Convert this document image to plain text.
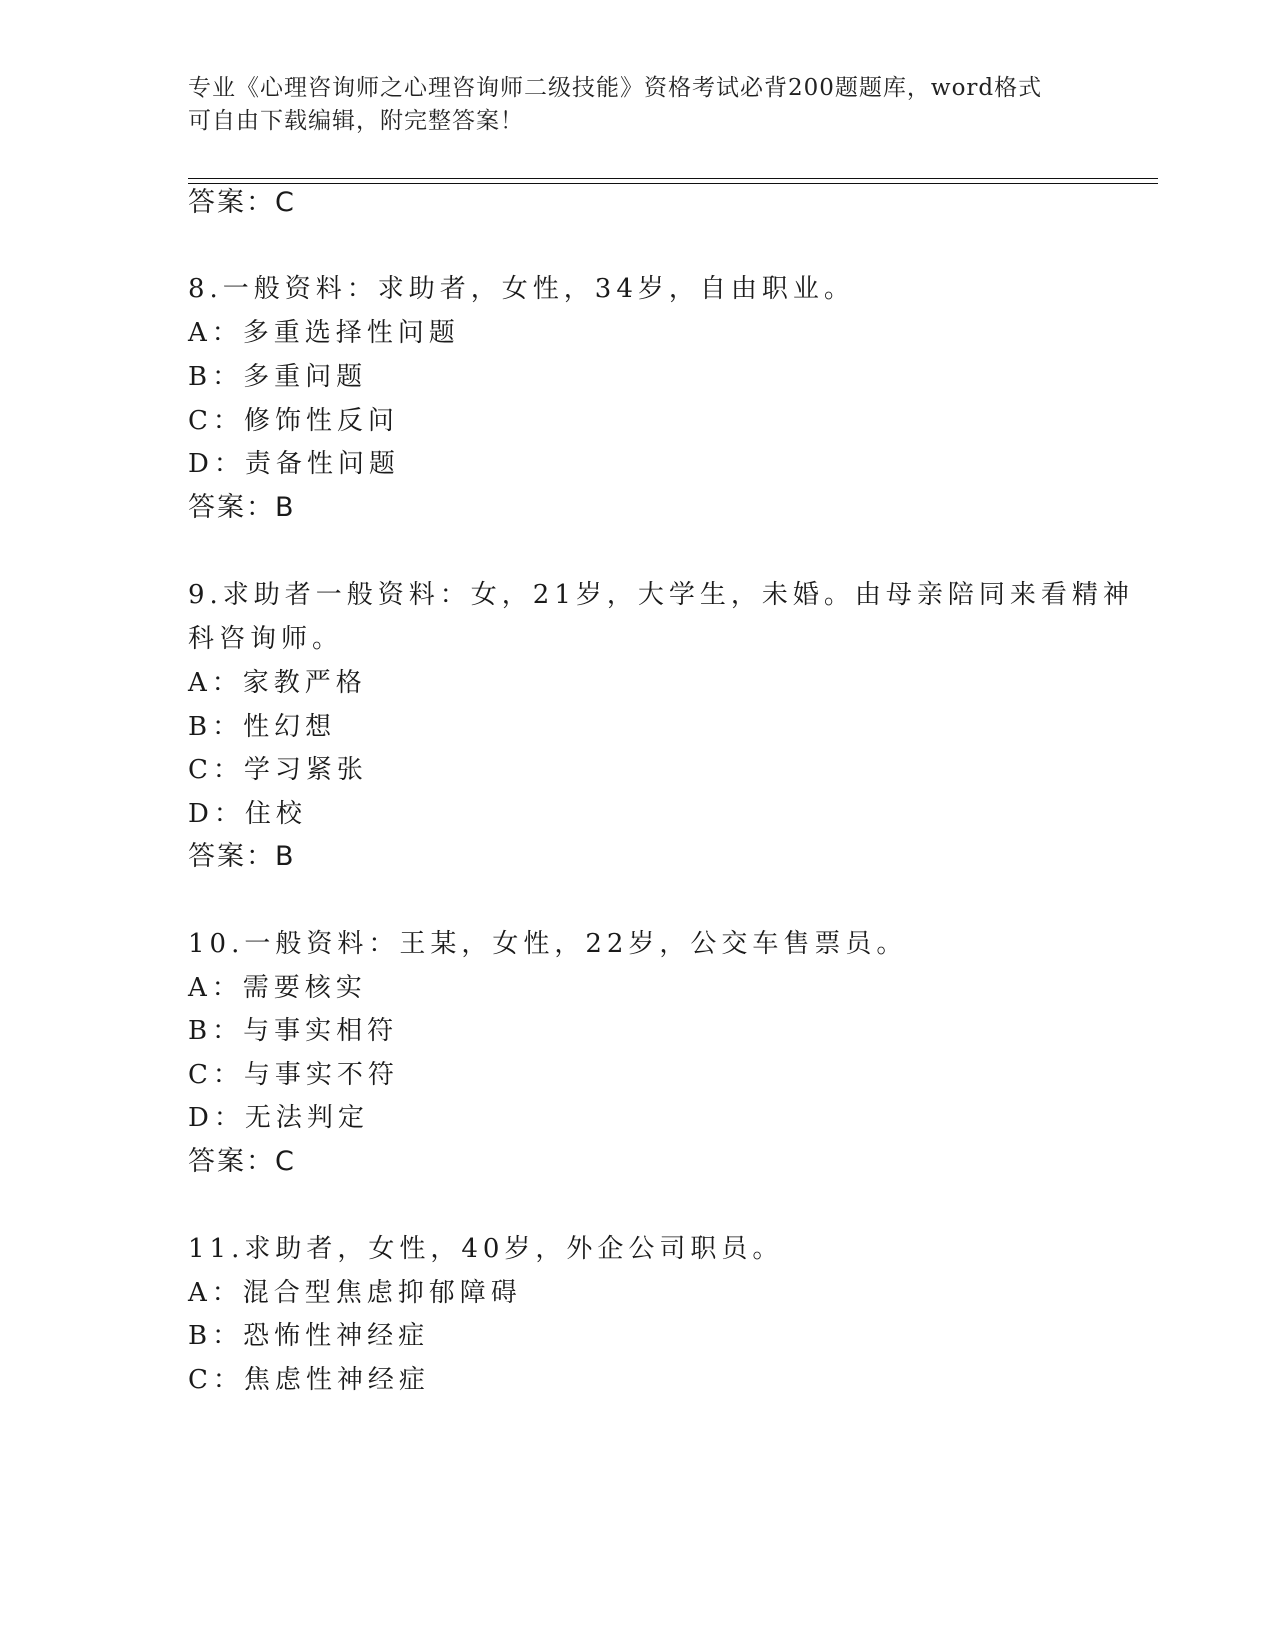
专业《心理咨询师之心理咨询师二级技能》资格考试必背200题题库，word格式
可自由下载编辑，附完整答案！
答案：C
8.一般资料：求助者，女性，34岁，自由职业。
A：多重选择性问题
B：多重问题
C：修饰性反问
D：责备性问题
答案：B
9.求助者一般资料：女，21岁，大学生，未婚。由母亲陪同来看精神
科咨询师。
A：家教严格
B：性幻想
C：学习紧张
D：住校
答案：B
10.一般资料：王某，女性，22岁，公交车售票员。
A：需要核实
B：与事实相符
C：与事实不符
D：无法判定
答案：C
11.求助者，女性，40岁，外企公司职员。
A：混合型焦虑抑郁障碍
B：恐怖性神经症
C：焦虑性神经症
